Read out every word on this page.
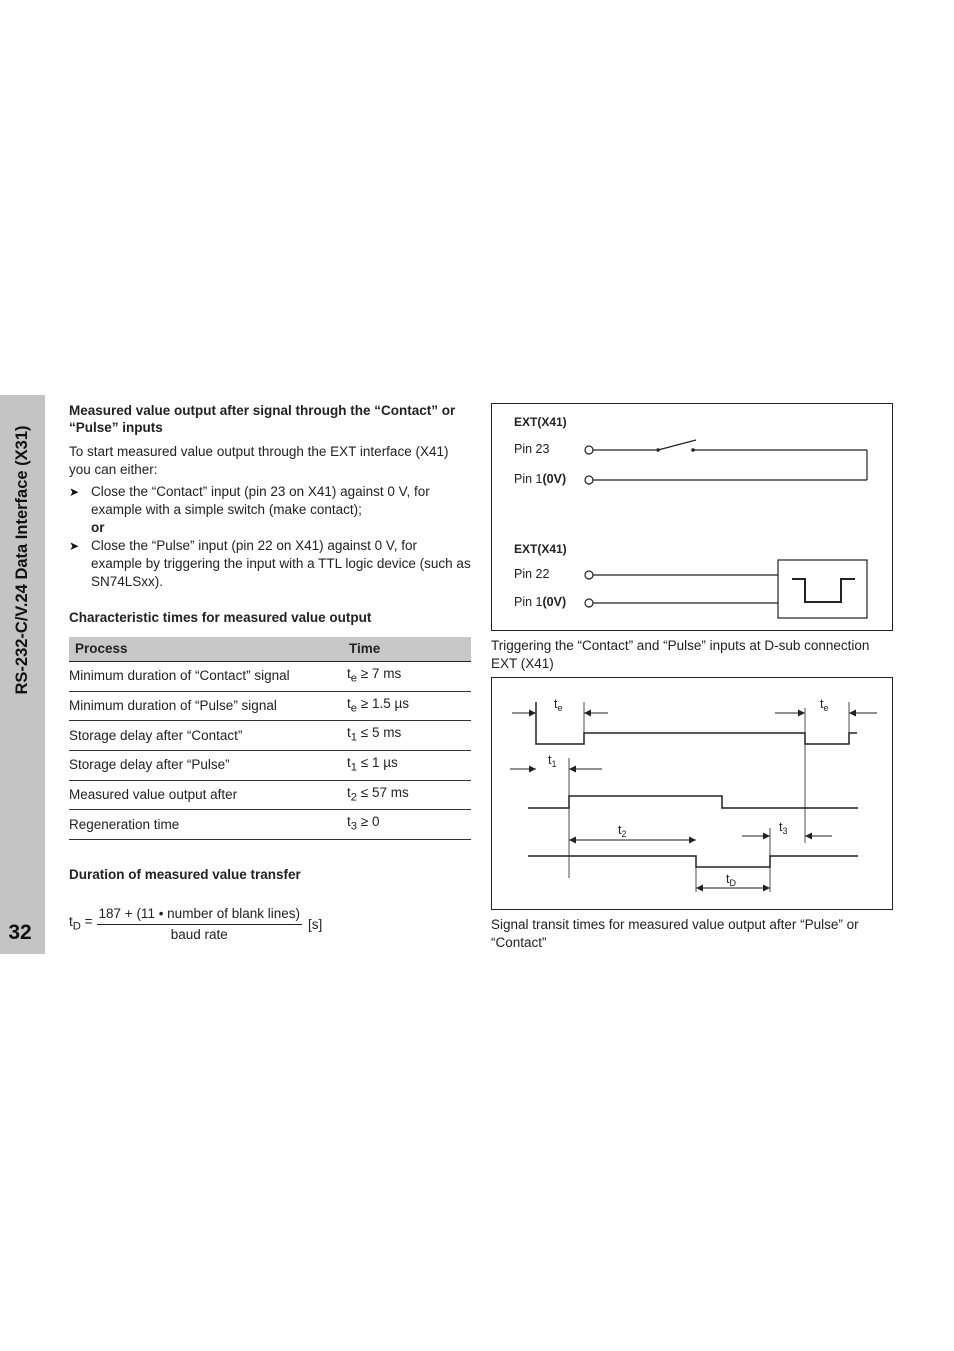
RS-232-C/V.24 Data Interface (X31)
32
Measured value output after signal through the “Contact” or “Pulse” inputs

To start measured value output through the EXT interface (X41) you can either:

➤ Close the “Contact” input (pin 23 on X41) against 0 V, for example with a simple switch (make contact);
or
➤ Close the “Pulse” input (pin 22 on X41) against 0 V, for example by triggering the input with a TTL logic device (such as SN74LSxx).
Characteristic times for measured value output
Process	Time
Minimum duration of “Contact” signal	$t_e \ge 7$ ms
Minimum duration of “Pulse” signal	$t_e \ge 1.5$ µs
Storage delay after “Contact”	$t_1 \le 5$ ms
Storage delay after “Pulse”	$t_1 \le 1$ µs
Measured value output after	$t_2 \le 57$ ms
Regeneration time	$t_3 \ge 0$
Duration of measured value transfer
$t_D = \frac{\text{187 + (11 • number of blank lines)}}{\text{baud rate}} [s]$
EXT(X41)
Pin 23
Pin 1(0V)
EXT(X41)
Pin 22
Pin 1(0V)
Triggering the “Contact” and “Pulse” inputs at D-sub connection EXT (X41)
$t_e$	$t_e$
$t_1$
$t_2$	$t_3$
$t_D$
Signal transit times for measured value output after “Pulse” or “Contact”
